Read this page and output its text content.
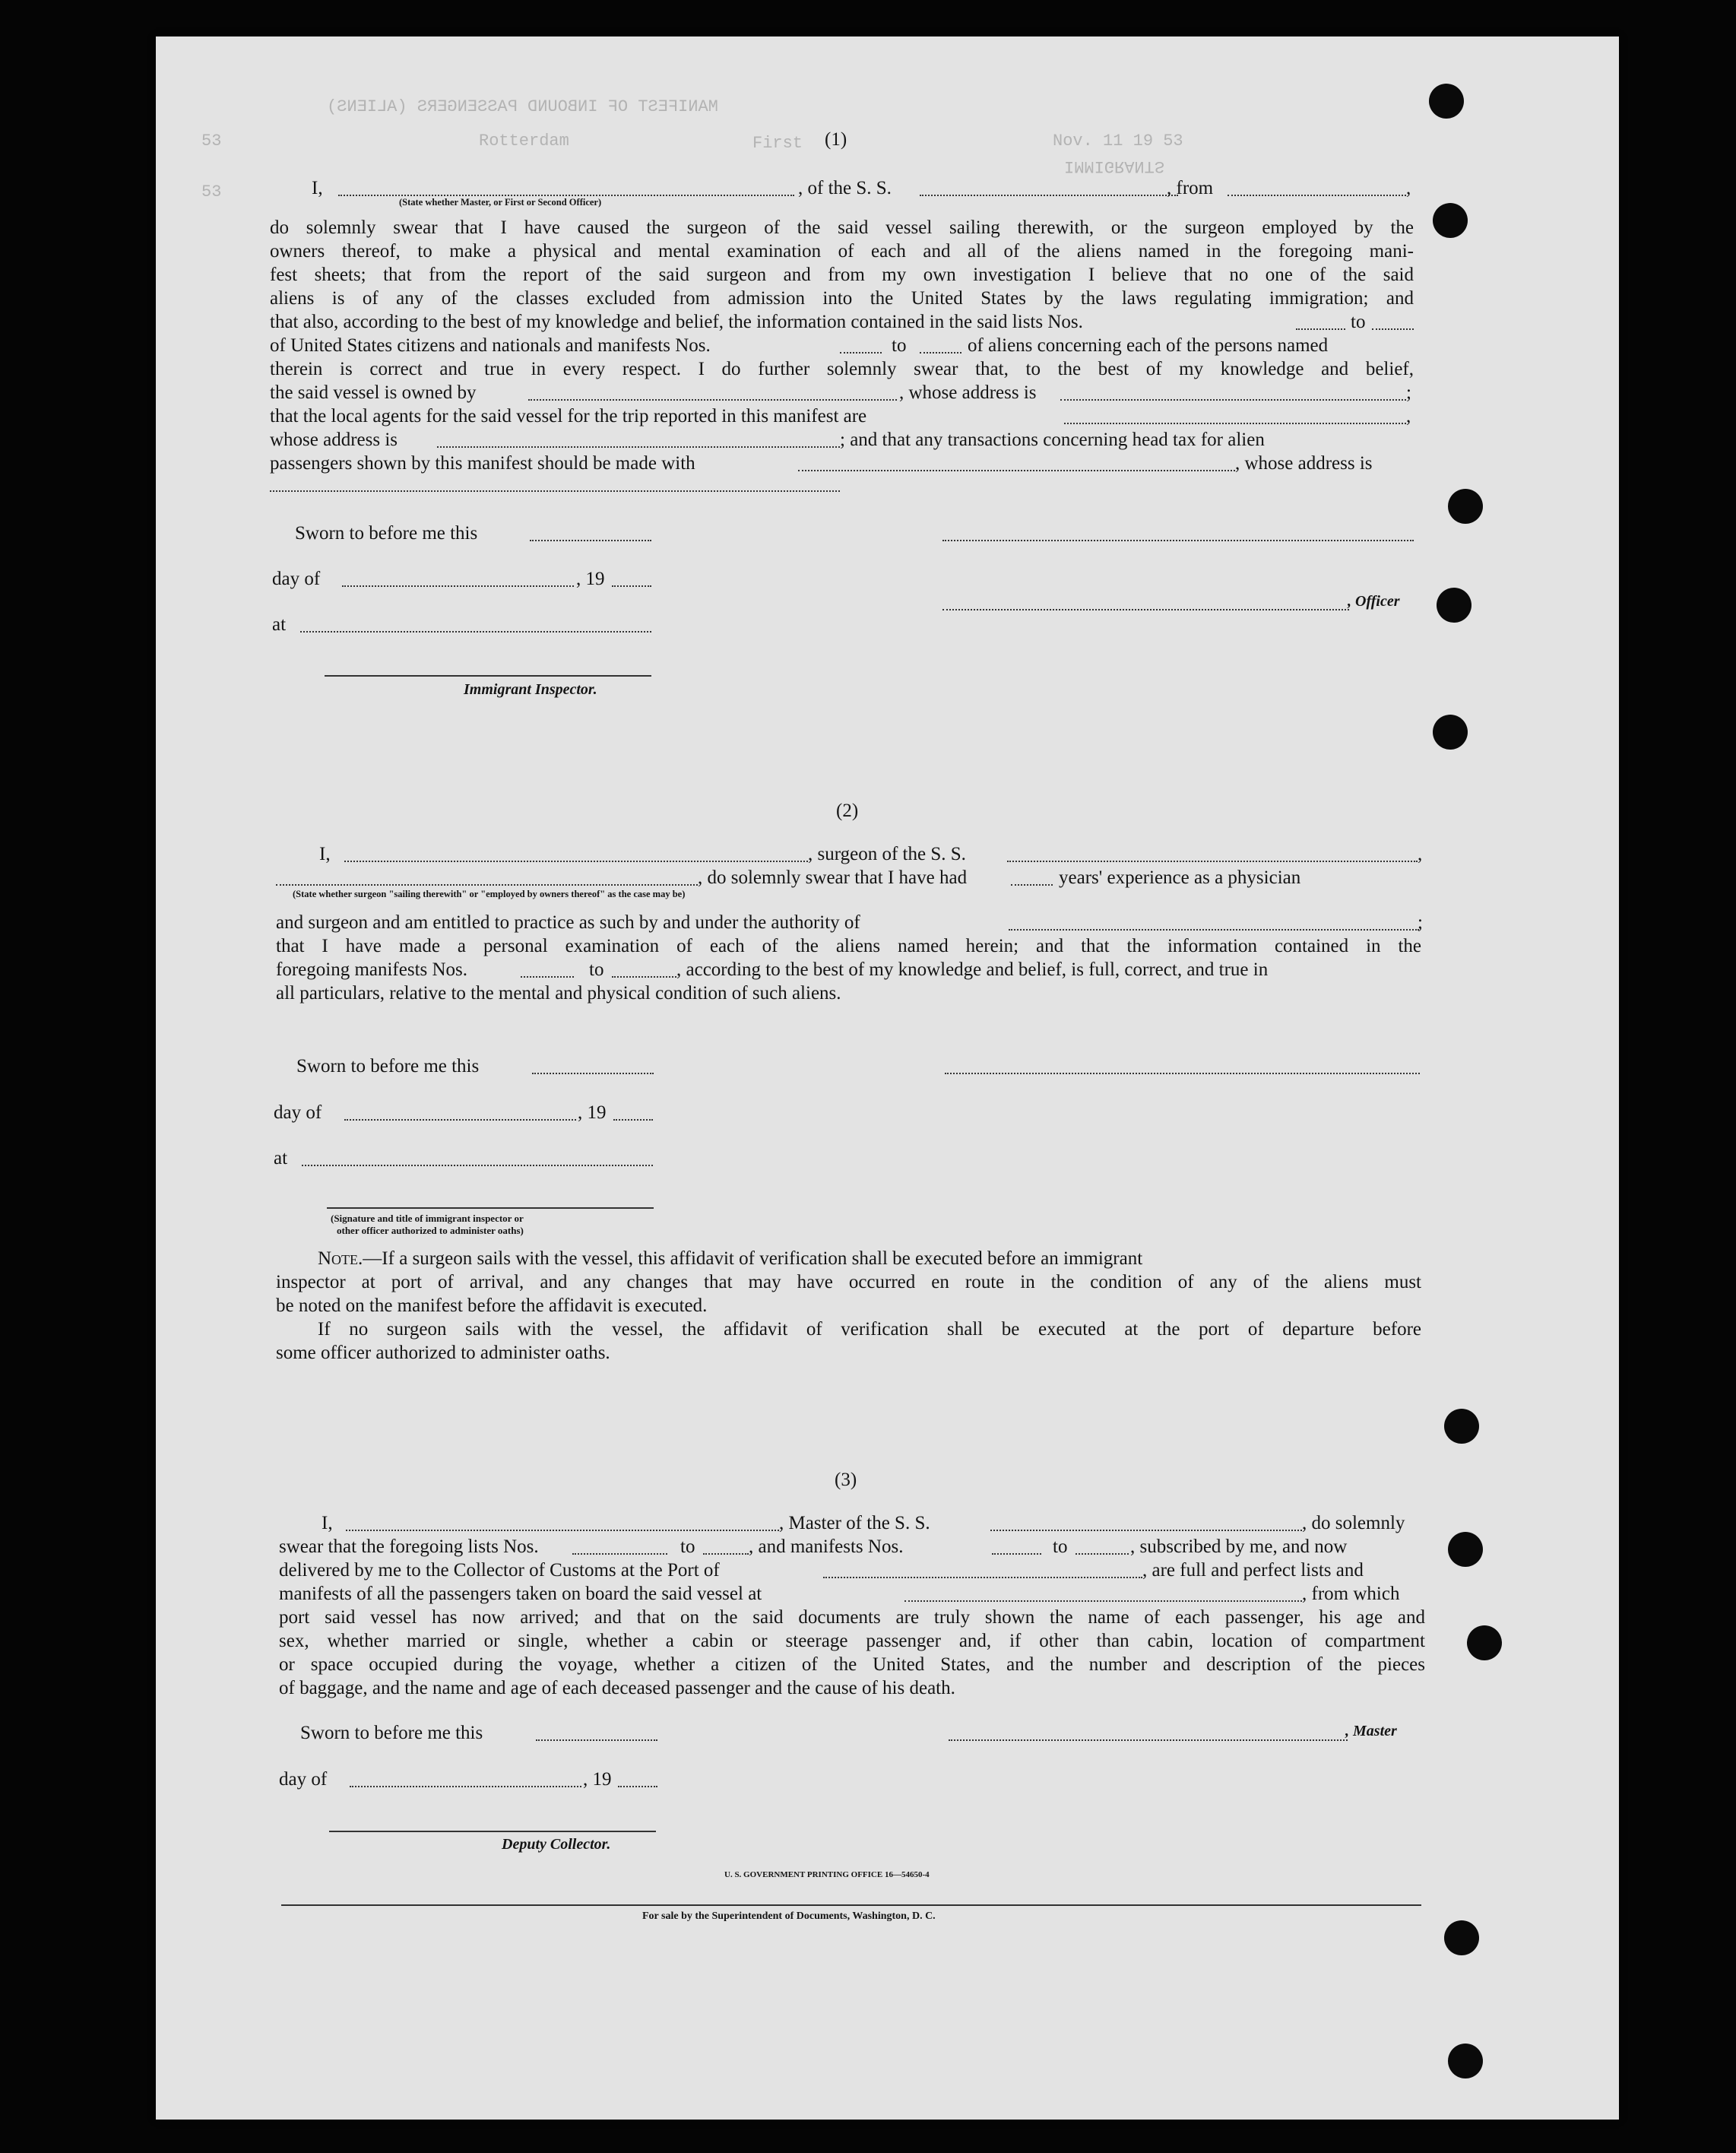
MANIFEST OF INBOUND PASSENGERS (ALIENS)
First
Rotterdam	Nov. 11 19 53
IMMIGRANTS
53
53
(1)
I,	, of the S. S.	, from	,
(State whether Master, or First or Second Officer)
do solemnly swear that I have caused the surgeon of the said vessel sailing therewith, or the surgeon employed by the
owners thereof, to make a physical and mental examination of each and all of the aliens named in the foregoing mani-
fest sheets; that from the report of the said surgeon and from my own investigation I believe that no one of the said
aliens is of any of the classes excluded from admission into the United States by the laws regulating immigration; and
that also, according to the best of my knowledge and belief, the information contained in the said lists Nos.	to
of United States citizens and nationals and manifests Nos.	to	of aliens concerning each of the persons named
therein is correct and true in every respect. I do further solemnly swear that, to the best of my knowledge and belief,
the said vessel is owned by	, whose address is	;
that the local agents for the said vessel for the trip reported in this manifest are	,
whose address is	; and that any transactions concerning head tax for alien
passengers shown by this manifest should be made with	, whose address is
Sworn to before me this
day of	, 19
, Officer
at
Immigrant Inspector.
(2)
I,	, surgeon of the S. S.	,
, do solemnly swear that I have had	years' experience as a physician
(State whether surgeon "sailing therewith" or "employed by owners thereof" as the case may be)
and surgeon and am entitled to practice as such by and under the authority of	;
that I have made a personal examination of each of the aliens named herein; and that the information contained in the
foregoing manifests Nos.	to	, according to the best of my knowledge and belief, is full, correct, and true in
all particulars, relative to the mental and physical condition of such aliens.
Sworn to before me this
day of	, 19
at
(Signature and title of immigrant inspector or
other officer authorized to administer oaths)
Note.—If a surgeon sails with the vessel, this affidavit of verification shall be executed before an immigrant
inspector at port of arrival, and any changes that may have occurred en route in the condition of any of the aliens must
be noted on the manifest before the affidavit is executed.
If no surgeon sails with the vessel, the affidavit of verification shall be executed at the port of departure before
some officer authorized to administer oaths.
(3)
I,	, Master of the S. S.	, do solemnly
swear that the foregoing lists Nos.	to	, and manifests Nos.	to	, subscribed by me, and now
delivered by me to the Collector of Customs at the Port of	, are full and perfect lists and
manifests of all the passengers taken on board the said vessel at	, from which
port said vessel has now arrived; and that on the said documents are truly shown the name of each passenger, his age and
sex, whether married or single, whether a cabin or steerage passenger and, if other than cabin, location of compartment
or space occupied during the voyage, whether a citizen of the United States, and the number and description of the pieces
of baggage, and the name and age of each deceased passenger and the cause of his death.
Sworn to before me this	, Master
day of	, 19
Deputy Collector.
U. S. GOVERNMENT PRINTING OFFICE 16—54650-4
For sale by the Superintendent of Documents, Washington, D. C.
